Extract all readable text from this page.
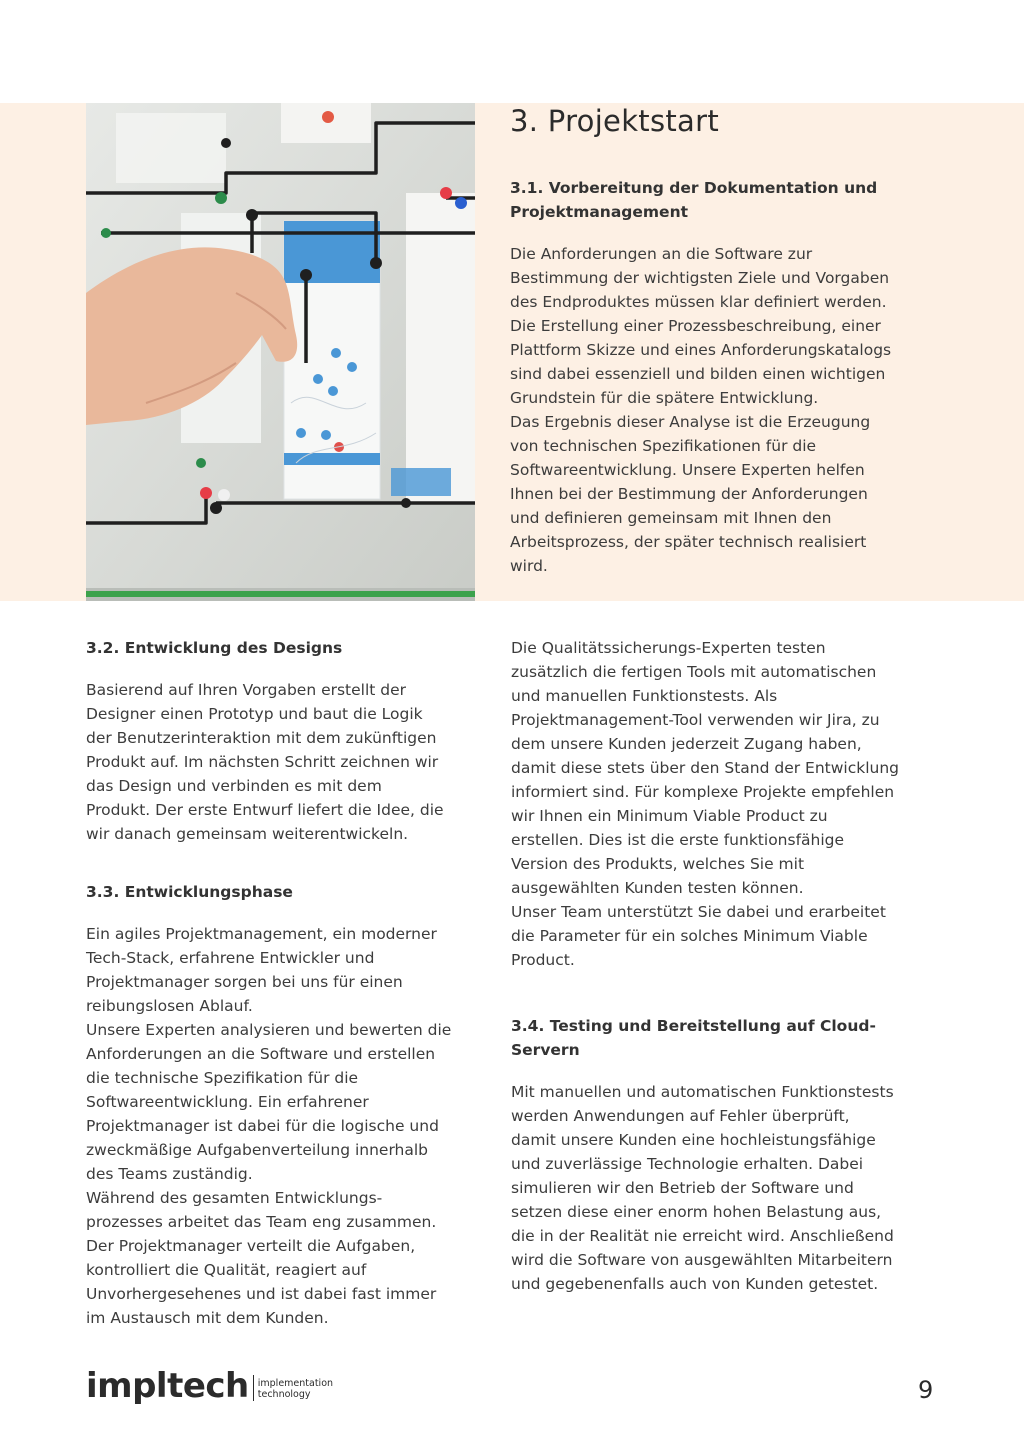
3. Projektstart

3.1. Vorbereitung der Dokumentation und
Projektmanagement

Die Anforderungen an die Software zur
Bestimmung der wichtigsten Ziele und Vorgaben
des Endproduktes müssen klar definiert werden.
Die Erstellung einer Prozessbeschreibung, einer
Plattform Skizze und eines Anforderungskatalogs
sind dabei essenziell und bilden einen wichtigen
Grundstein für die spätere Entwicklung.
Das Ergebnis dieser Analyse ist die Erzeugung
von technischen Spezifikationen für die
Softwareentwicklung. Unsere Experten helfen
Ihnen bei der Bestimmung der Anforderungen
und definieren gemeinsam mit Ihnen den
Arbeitsprozess, der später technisch realisiert
wird.

3.2. Entwicklung des Designs

Basierend auf Ihren Vorgaben erstellt der
Designer einen Prototyp und baut die Logik
der Benutzerinteraktion mit dem zukünftigen
Produkt auf. Im nächsten Schritt zeichnen wir
das Design und verbinden es mit dem
Produkt. Der erste Entwurf liefert die Idee, die
wir danach gemeinsam weiterentwickeln.

3.3. Entwicklungsphase

Ein agiles Projektmanagement, ein moderner
Tech-Stack, erfahrene Entwickler und
Projektmanager sorgen bei uns für einen
reibungslosen Ablauf.
Unsere Experten analysieren und bewerten die
Anforderungen an die Software und erstellen
die technische Spezifikation für die
Softwareentwicklung. Ein erfahrener
Projektmanager ist dabei für die logische und
zweckmäßige Aufgabenverteilung innerhalb
des Teams zuständig.
Während des gesamten Entwicklungs-
prozesses arbeitet das Team eng zusammen.
Der Projektmanager verteilt die Aufgaben,
kontrolliert die Qualität, reagiert auf
Unvorhergesehenes und ist dabei fast immer
im Austausch mit dem Kunden.

Die Qualitätssicherungs-Experten testen
zusätzlich die fertigen Tools mit automatischen
und manuellen Funktionstests. Als
Projektmanagement-Tool verwenden wir Jira, zu
dem unsere Kunden jederzeit Zugang haben,
damit diese stets über den Stand der Entwicklung
informiert sind. Für komplexe Projekte empfehlen
wir Ihnen ein Minimum Viable Product zu
erstellen. Dies ist die erste funktionsfähige
Version des Produkts, welches Sie mit
ausgewählten Kunden testen können.
Unser Team unterstützt Sie dabei und erarbeitet
die Parameter für ein solches Minimum Viable
Product.

3.4. Testing und Bereitstellung auf Cloud-
Servern

Mit manuellen und automatischen Funktionstests
werden Anwendungen auf Fehler überprüft,
damit unsere Kunden eine hochleistungsfähige
und zuverlässige Technologie erhalten. Dabei
simulieren wir den Betrieb der Software und
setzen diese einer enorm hohen Belastung aus,
die in der Realität nie erreicht wird. Anschließend
wird die Software von ausgewählten Mitarbeitern
und gegebenenfalls auch von Kunden getestet.

impltech implementation
technology	9
